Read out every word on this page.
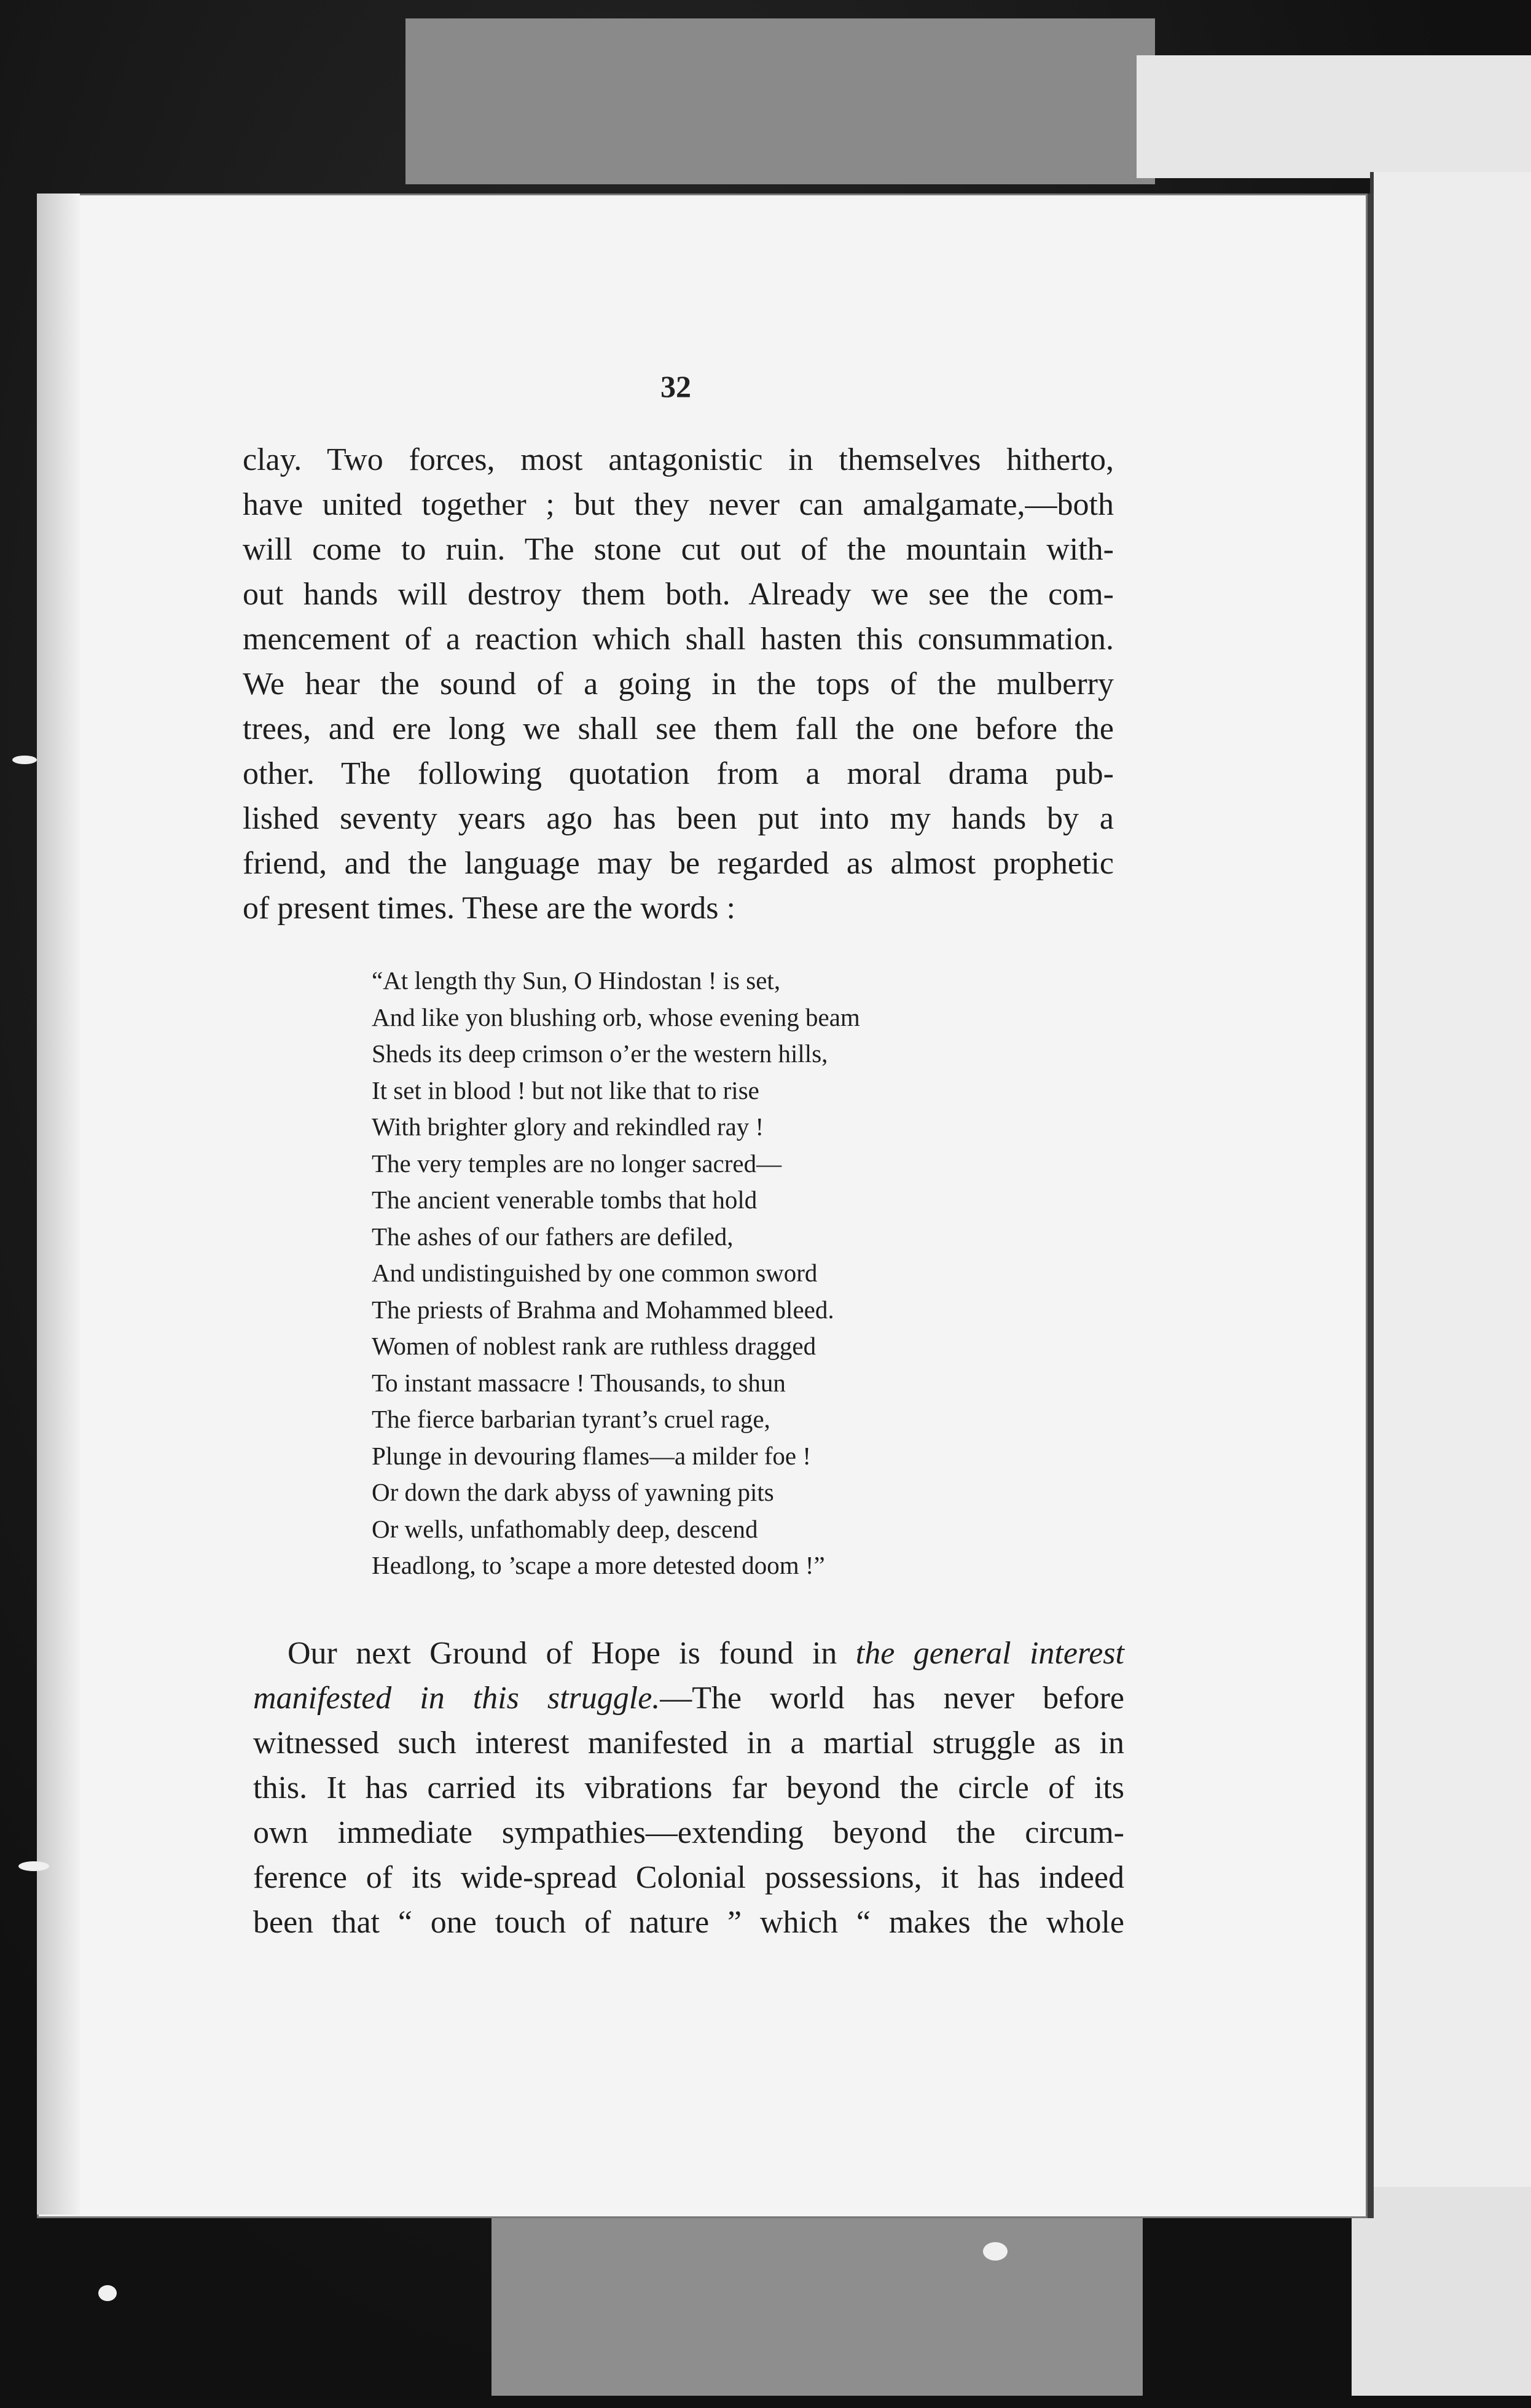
32
clay. Two forces, most antagonistic in themselves hitherto,
have united together ; but they never can amalgamate,—both
will come to ruin. The stone cut out of the mountain with-
out hands will destroy them both. Already we see the com-
mencement of a reaction which shall hasten this consummation.
We hear the sound of a going in the tops of the mulberry
trees, and ere long we shall see them fall the one before the
other. The following quotation from a moral drama pub-
lished seventy years ago has been put into my hands by a
friend, and the language may be regarded as almost prophetic
of present times. These are the words :
“At length thy Sun, O Hindostan ! is set,
And like yon blushing orb, whose evening beam
Sheds its deep crimson o’er the western hills,
It set in blood ! but not like that to rise
With brighter glory and rekindled ray !
The very temples are no longer sacred—
The ancient venerable tombs that hold
The ashes of our fathers are defiled,
And undistinguished by one common sword
The priests of Brahma and Mohammed bleed.
Women of noblest rank are ruthless dragged
To instant massacre ! Thousands, to shun
The fierce barbarian tyrant’s cruel rage,
Plunge in devouring flames—a milder foe !
Or down the dark abyss of yawning pits
Or wells, unfathomably deep, descend
Headlong, to ’scape a more detested doom !”
Our next Ground of Hope is found in the general interest
manifested in this struggle.—The world has never before
witnessed such interest manifested in a martial struggle as in
this. It has carried its vibrations far beyond the circle of its
own immediate sympathies—extending beyond the circum-
ference of its wide-spread Colonial possessions, it has indeed
been that “ one touch of nature ” which “ makes the whole
